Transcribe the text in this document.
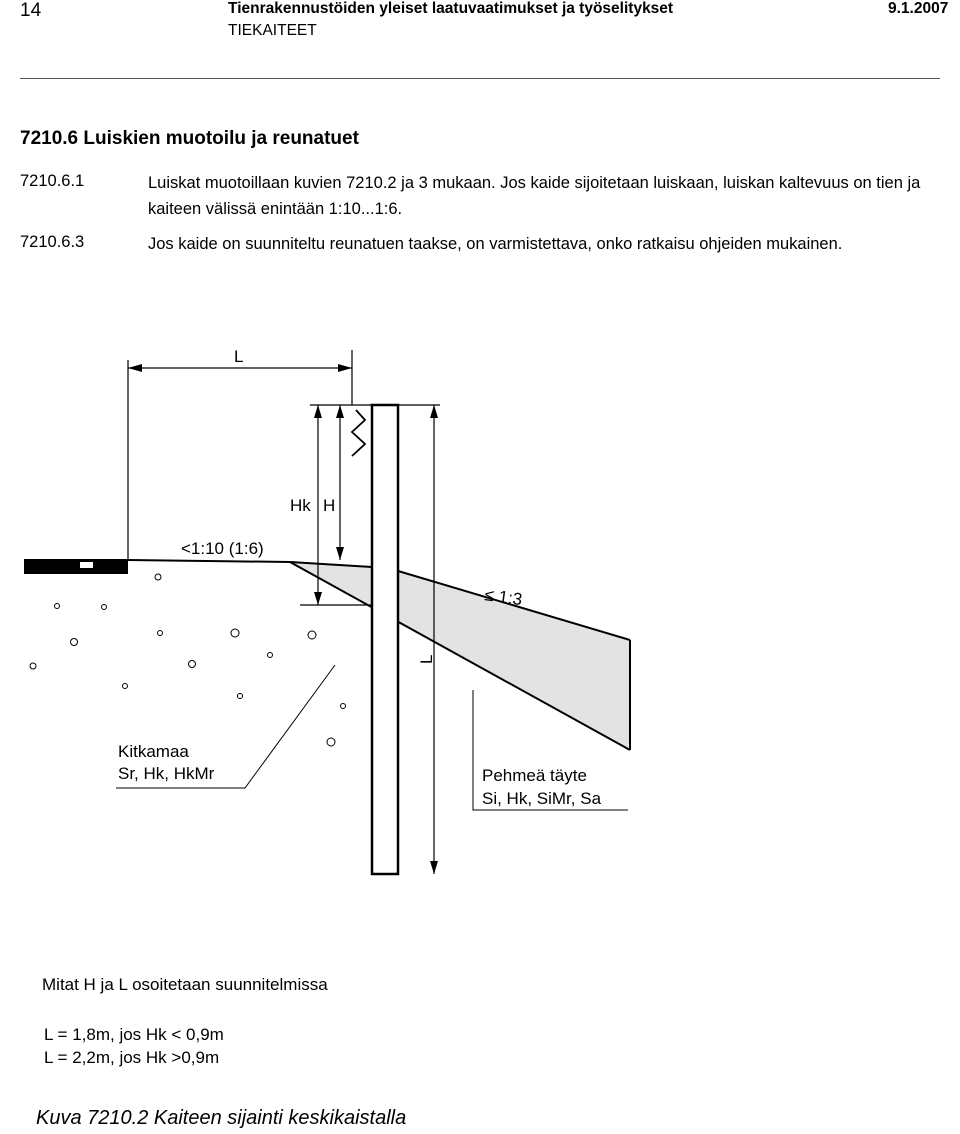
14	Tienrakennustöiden yleiset laatuvaatimukset ja työselitykset	9.1.2007
TIEKAITEET
7210.6 Luiskien muotoilu ja reunatuet
7210.6.1	Luiskat muotoillaan kuvien 7210.2 ja 3 mukaan. Jos kaide sijoitetaan luiskaan, luiskan kaltevuus on tien ja kaiteen välissä enintään 1:10...1:6.
7210.6.3	Jos kaide on suunniteltu reunatuen taakse, on varmistettava, onko ratkaisu ohjeiden mukainen.
L
Hk H
L
<1:10 (1:6)
≤ 1:3
Kitkamaa
Sr, Hk, HkMr	Pehmeä täyte
Si, Hk, SiMr, Sa
Mitat H ja L osoitetaan suunnitelmissa
L = 1,8m, jos Hk < 0,9m
L = 2,2m, jos Hk >0,9m
Kuva 7210.2 Kaiteen sijainti keskikaistalla
